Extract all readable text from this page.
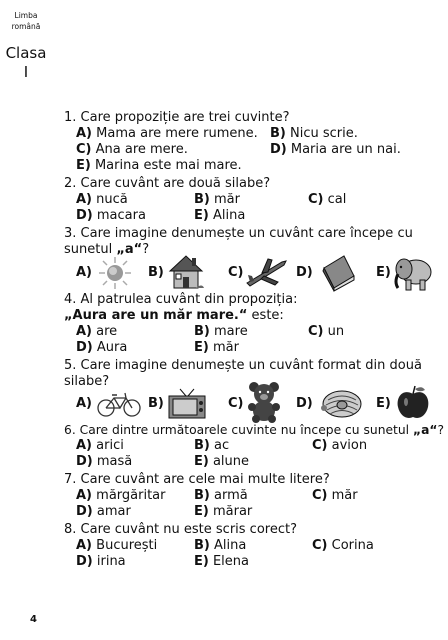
Limba
română
Clasa
I
1. Care propoziție are trei cuvinte?
A) Mama are mere rumene. B) Nicu scrie.
C) Ana are mere.	D) Maria are un nai.
E) Marina este mai mare.
2. Care cuvânt are două silabe?
A) nucă	B) măr	C) cal
D) macara	E) Alina
3. Care imagine denumește un cuvânt care începe cu
sunetul „a“?
A)	B)	C)	D)	E)
4. Al patrulea cuvânt din propoziția:
„Aura are un măr mare.“ este:
A) are	B) mare	C) un
D) Aura	E) măr
5. Care imagine denumește un cuvânt format din două
silabe?
A)	B)	C)	D)	E)
6. Care dintre următoarele cuvinte nu începe cu sunetul „a“?
A) arici	B) ac	C) avion
D) masă	E) alune
7. Care cuvânt are cele mai multe litere?
A) mărgăritar B) armă	C) măr
D) amar	E) mărar
8. Care cuvânt nu este scris corect?
A) București	B) Alina	C) Corina
D) irina	E) Elena
4
